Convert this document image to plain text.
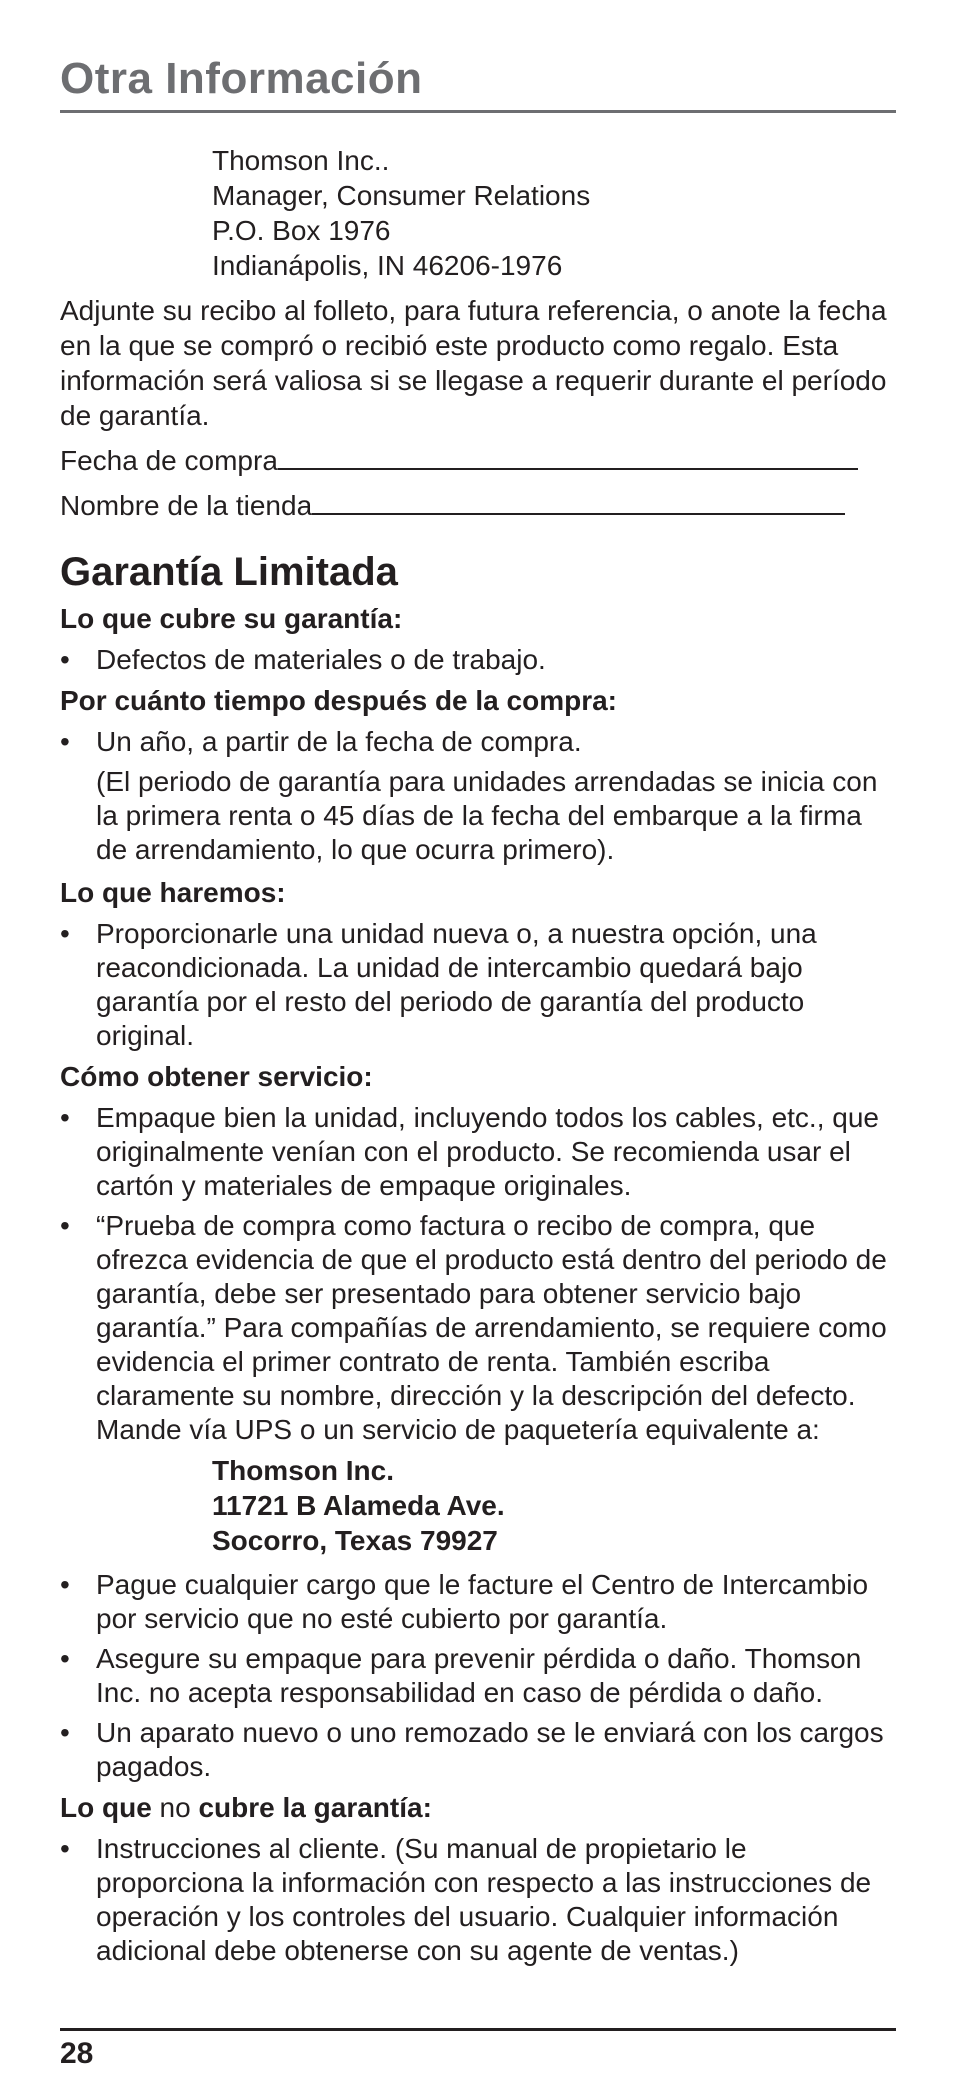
Otra Información
Thomson Inc..
Manager, Consumer Relations
P.O. Box 1976
Indianápolis, IN 46206-1976

Adjunte su recibo al folleto, para futura referencia, o anote la fecha en la que se compró o recibió este producto como regalo. Esta información será valiosa si se llegase a requerir durante el período de garantía.

Fecha de compra
Nombre de la tienda
Garantía Limitada
Lo que cubre su garantía:
• Defectos de materiales o de trabajo.
Por cuánto tiempo después de la compra:
• Un año, a partir de la fecha de compra.

(El periodo de garantía para unidades arrendadas se inicia con la primera renta o 45 días de la fecha del embarque a la firma de arrendamiento, lo que ocurra primero).

Lo que haremos:
• Proporcionarle una unidad nueva o, a nuestra opción, una reacondicionada. La unidad de intercambio quedará bajo garantía por el resto del periodo de garantía del producto original.
Cómo obtener servicio:
• Empaque bien la unidad, incluyendo todos los cables, etc., que originalmente venían con el producto. Se recomienda usar el cartón y materiales de empaque originales.
• “Prueba de compra como factura o recibo de compra, que ofrezca evidencia de que el producto está dentro del periodo de garantía, debe ser presentado para obtener servicio bajo garantía.” Para compañías de arrendamiento, se requiere como evidencia el primer contrato de renta. También escriba claramente su nombre, dirección y la descripción del defecto. Mande vía UPS o un servicio de paquetería equivalente a:
Thomson Inc.
11721 B Alameda Ave.
Socorro, Texas 79927
• Pague cualquier cargo que le facture el Centro de Intercambio por servicio que no esté cubierto por garantía.
• Asegure su empaque para prevenir pérdida o daño. Thomson Inc. no acepta responsabilidad en caso de pérdida o daño.
• Un aparato nuevo o uno remozado se le enviará con los cargos pagados.
Lo que no cubre la garantía:
• Instrucciones al cliente. (Su manual de propietario le proporciona la información con respecto a las instrucciones de operación y los controles del usuario. Cualquier información adicional debe obtenerse con su agente de ventas.)
28
